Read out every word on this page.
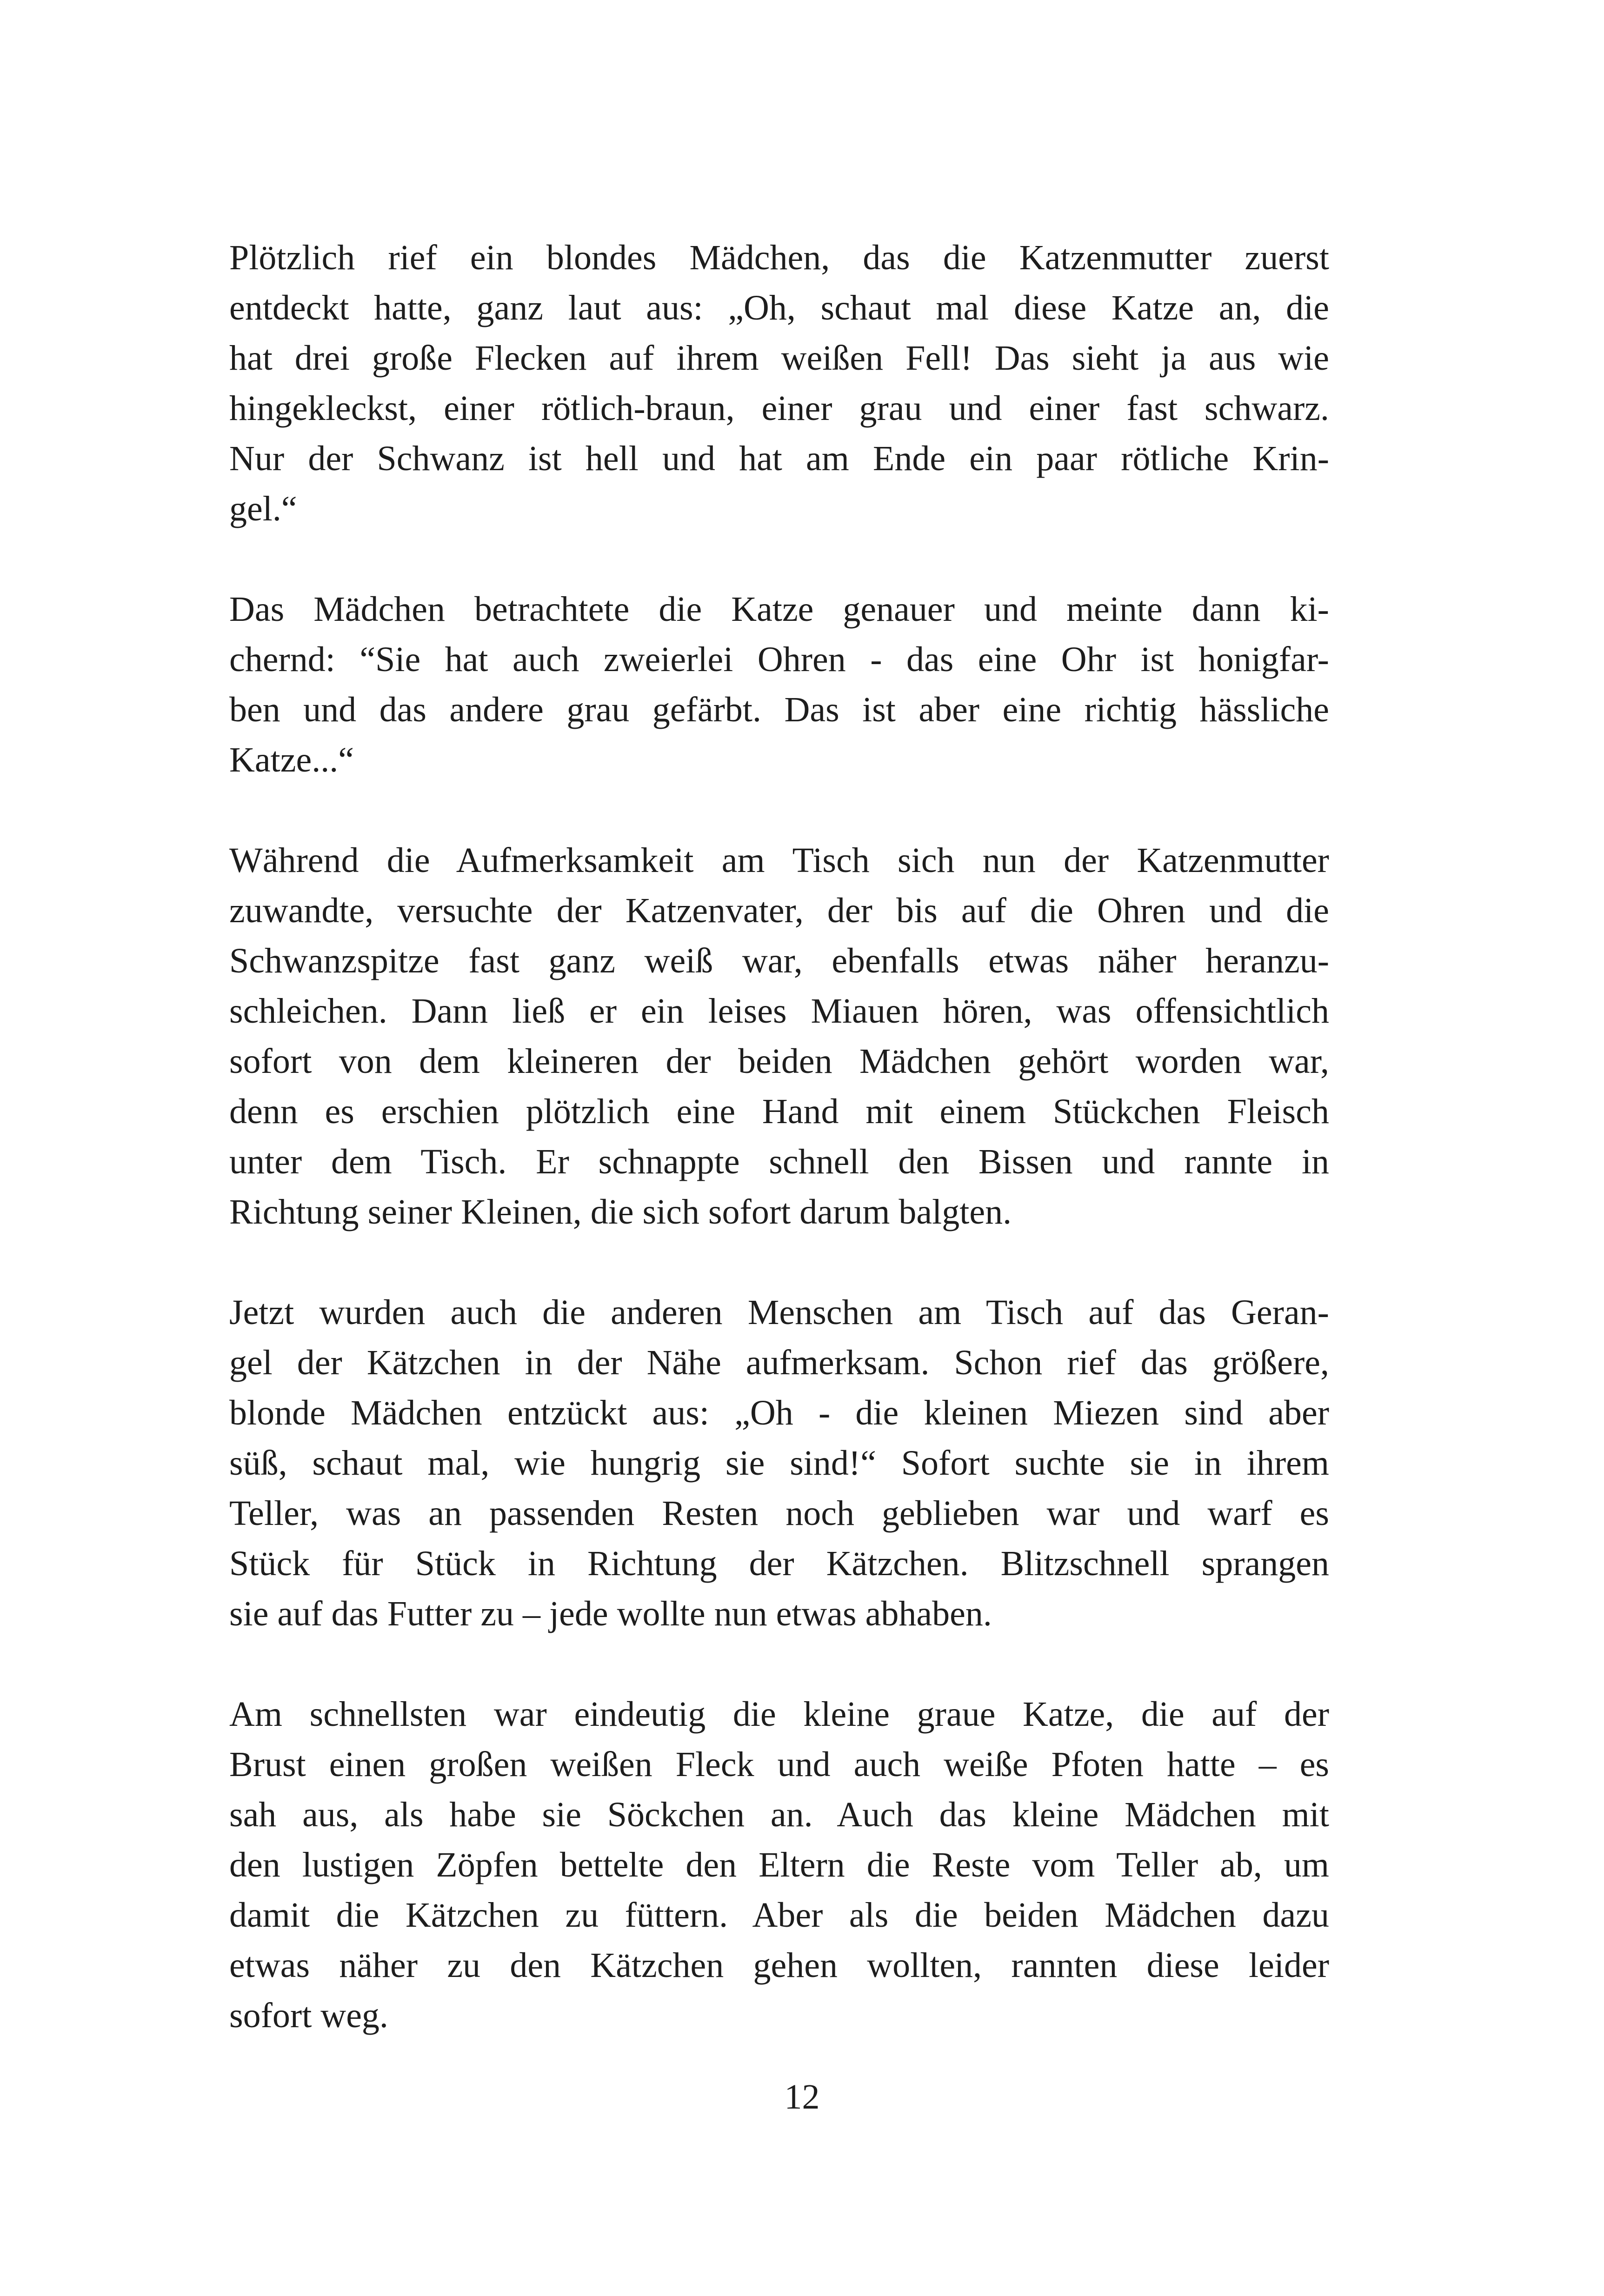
Plötzlich rief ein blondes Mädchen, das die Katzenmutter zuerst
entdeckt hatte, ganz laut aus: „Oh, schaut mal diese Katze an, die
hat drei große Flecken auf ihrem weißen Fell! Das sieht ja aus wie
hingekleckst, einer rötlich-braun, einer grau und einer fast schwarz.
Nur der Schwanz ist hell und hat am Ende ein paar rötliche Krin-
gel.“

Das Mädchen betrachtete die Katze genauer und meinte dann ki-
chernd: “Sie hat auch zweierlei Ohren - das eine Ohr ist honigfar-
ben und das andere grau gefärbt. Das ist aber eine richtig hässliche
Katze...“

Während die Aufmerksamkeit am Tisch sich nun der Katzenmutter
zuwandte, versuchte der Katzenvater, der bis auf die Ohren und die
Schwanzspitze fast ganz weiß war, ebenfalls etwas näher heranzu-
schleichen. Dann ließ er ein leises Miauen hören, was offensichtlich
sofort von dem kleineren der beiden Mädchen gehört worden war,
denn es erschien plötzlich eine Hand mit einem Stückchen Fleisch
unter dem Tisch. Er schnappte schnell den Bissen und rannte in
Richtung seiner Kleinen, die sich sofort darum balgten.

Jetzt wurden auch die anderen Menschen am Tisch auf das Geran-
gel der Kätzchen in der Nähe aufmerksam. Schon rief das größere,
blonde Mädchen entzückt aus: „Oh - die kleinen Miezen sind aber
süß, schaut mal, wie hungrig sie sind!“ Sofort suchte sie in ihrem
Teller, was an passenden Resten noch geblieben war und warf es
Stück für Stück in Richtung der Kätzchen. Blitzschnell sprangen
sie auf das Futter zu – jede wollte nun etwas abhaben.

Am schnellsten war eindeutig die kleine graue Katze, die auf der
Brust einen großen weißen Fleck und auch weiße Pfoten hatte – es
sah aus, als habe sie Söckchen an. Auch das kleine Mädchen mit
den lustigen Zöpfen bettelte den Eltern die Reste vom Teller ab, um
damit die Kätzchen zu füttern. Aber als die beiden Mädchen dazu
etwas näher zu den Kätzchen gehen wollten, rannten diese leider
sofort weg.

12
